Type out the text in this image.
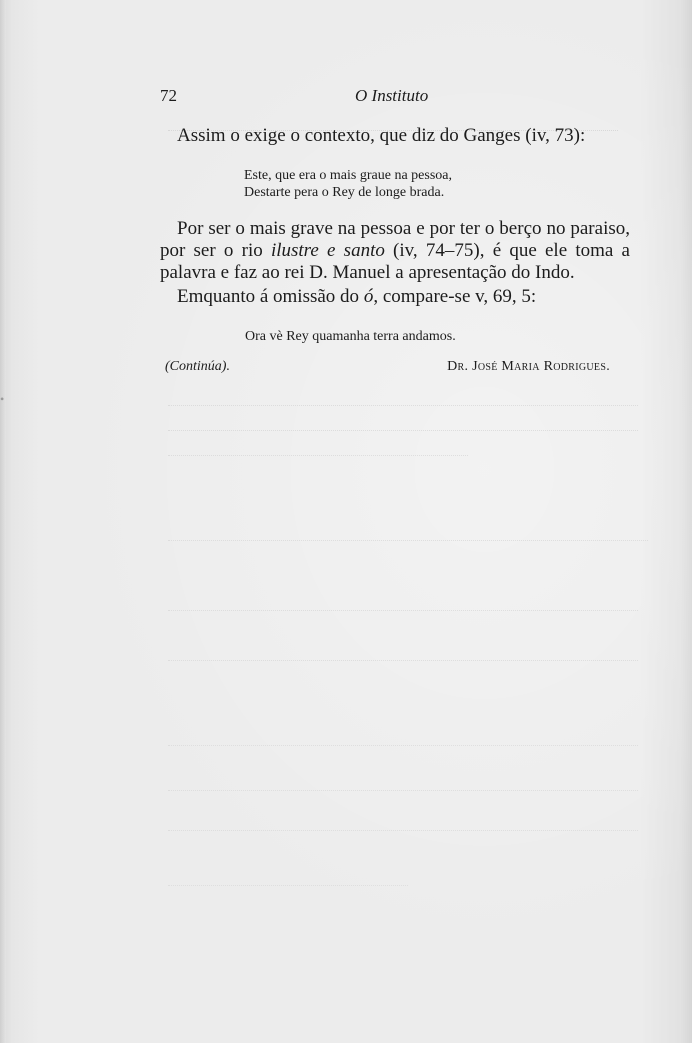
72	O Instituto
Assim o exige o contexto, que diz do Ganges (iv, 73):
Este, que era o mais graue na pessoa,
Destarte pera o Rey de longe brada.
Por ser o mais grave na pessoa e por ter o berço no paraiso, por ser o rio ilustre e santo (iv, 74–75), é que ele toma a palavra e faz ao rei D. Manuel a apresentação do Indo.
Emquanto á omissão do ó, compare-se v, 69, 5:
Ora vè Rey quamanha terra andamos.
(Continúa).	Dr. José Maria Rodrigues.
•
